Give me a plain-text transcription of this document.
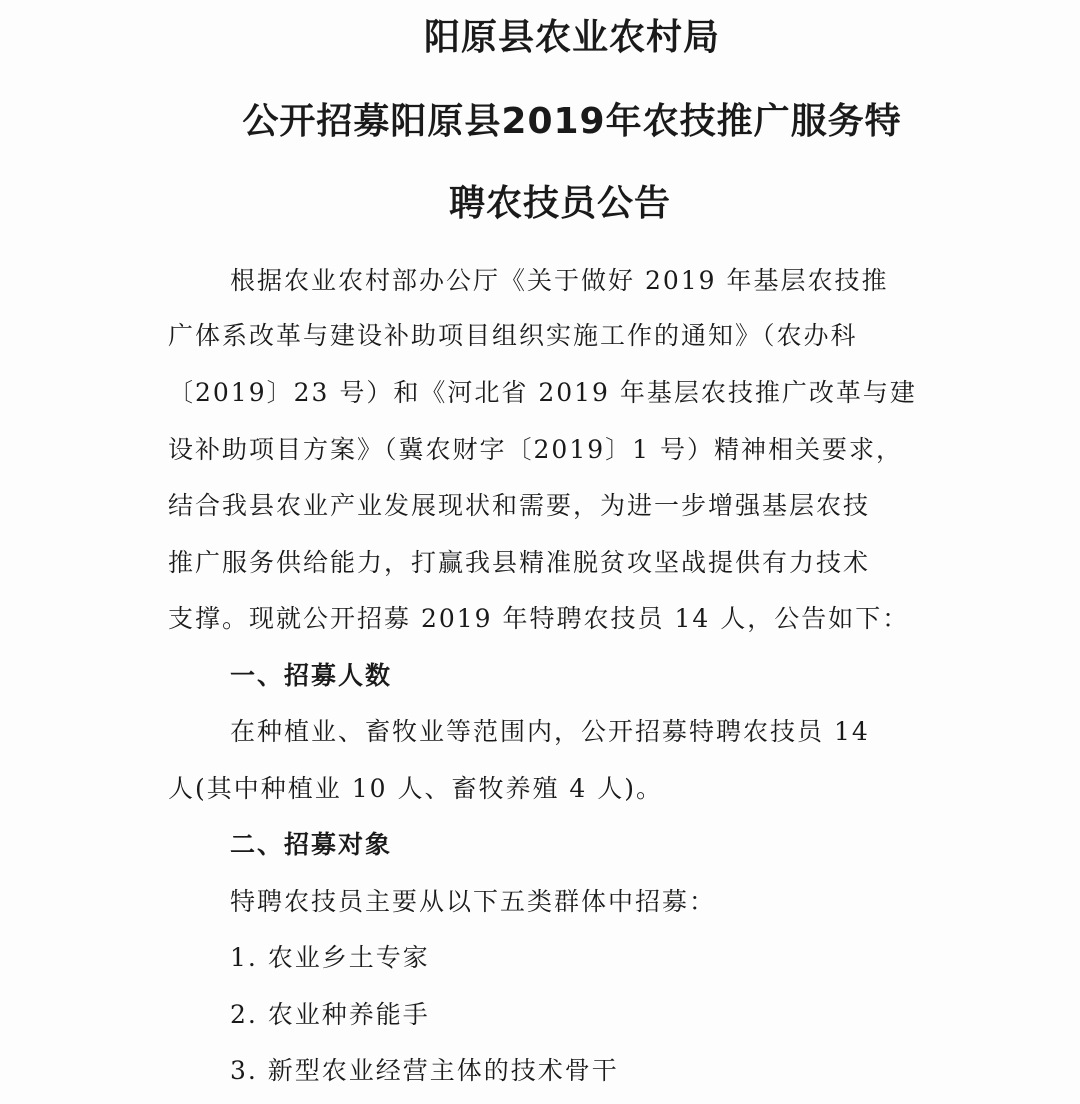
阳原县农业农村局
公开招募阳原县2019年农技推广服务特
聘农技员公告
根据农业农村部办公厅《关于做好 2019 年基层农技推
广体系改革与建设补助项目组织实施工作的通知》（农办科
〔2019〕23 号）和《河北省 2019 年基层农技推广改革与建
设补助项目方案》（冀农财字〔2019〕1 号）精神相关要求，
结合我县农业产业发展现状和需要，为进一步增强基层农技
推广服务供给能力，打赢我县精准脱贫攻坚战提供有力技术
支撑。现就公开招募 2019 年特聘农技员 14 人，公告如下：
一、招募人数
在种植业、畜牧业等范围内，公开招募特聘农技员 14
人(其中种植业 10 人、畜牧养殖 4 人)。
二、招募对象
特聘农技员主要从以下五类群体中招募：
1. 农业乡土专家
2. 农业种养能手
3. 新型农业经营主体的技术骨干
